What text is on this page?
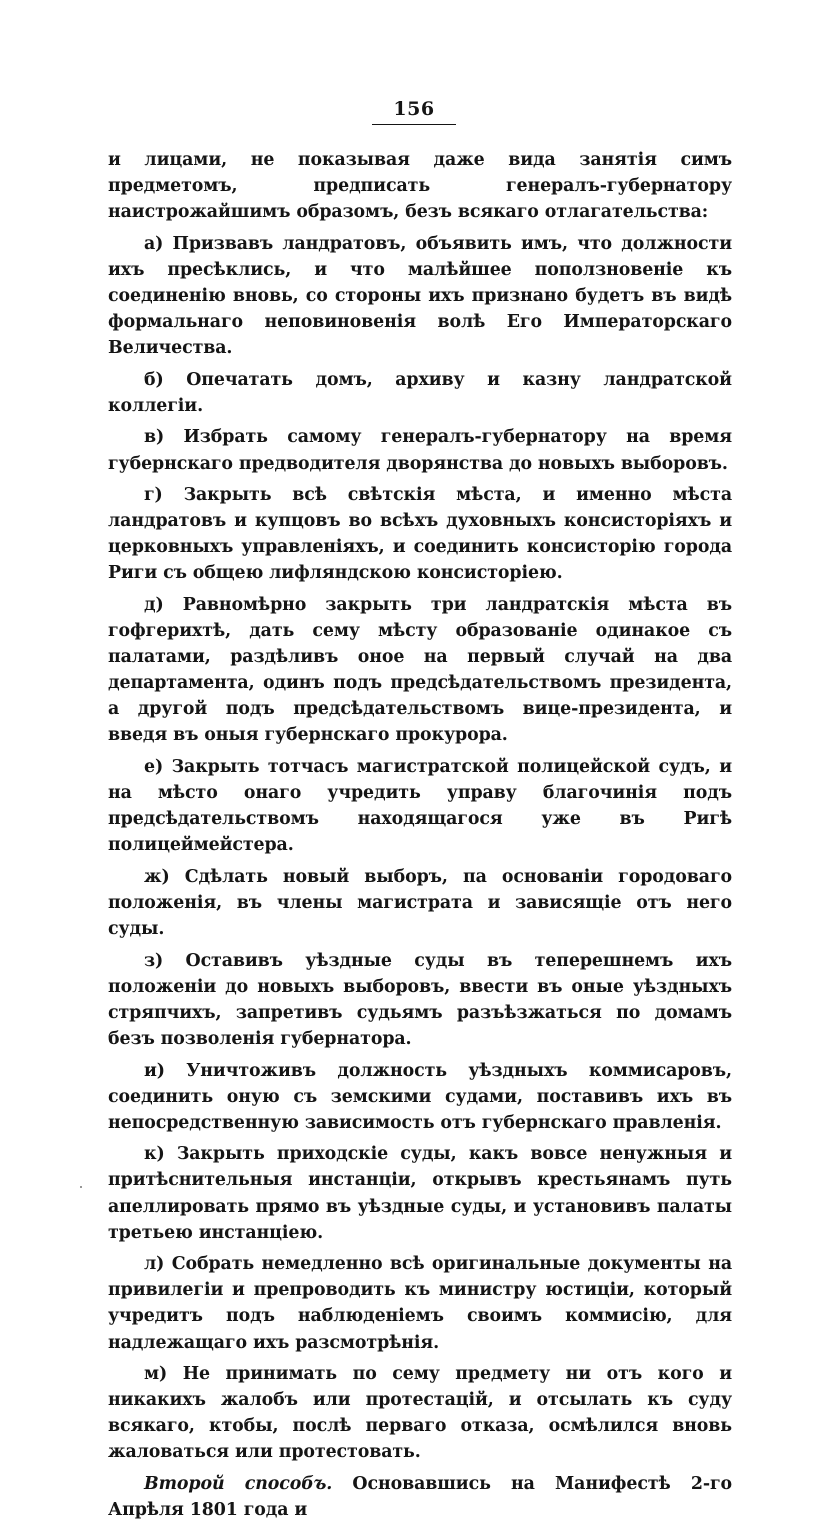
156

и лицами, не показывая даже вида занятія симъ предметомъ, предписать генералъ-губернатору наистрожайшимъ образомъ, безъ всякаго отлагательства:

а) Призвавъ ландратовъ, объявить имъ, что должности ихъ пресѣклись, и что малѣйшее поползновеніе къ соединенію вновь, со стороны ихъ признано будетъ въ видѣ формальнаго неповиновенія волѣ Его Императорскаго Величества.

б) Опечатать домъ, архиву и казну ландратской коллегіи.

в) Избрать самому генералъ-губернатору на время губернскаго предводителя дворянства до новыхъ выборовъ.

г) Закрыть всѣ свѣтскія мѣста, и именно мѣста ландратовъ и купцовъ во всѣхъ духовныхъ консисторіяхъ и церковныхъ управленіяхъ, и соединить консисторію города Риги съ общею лифляндскою консисторіею.

д) Равномѣрно закрыть три ландратскія мѣста въ гофгерихтѣ, дать сему мѣсту образованіе одинакое съ палатами, раздѣливъ оное на первый случай на два департамента, одинъ подъ предсѣдательствомъ президента, а другой подъ предсѣдательствомъ вице-президента, и введя въ оныя губернскаго прокурора.

е) Закрыть тотчасъ магистратской полицейской судъ, и на мѣсто онаго учредить управу благочинія подъ предсѣдательствомъ находящагося уже въ Ригѣ полицеймейстера.

ж) Сдѣлать новый выборъ, па основаніи городоваго положенія, въ члены магистрата и зависящіе отъ него суды.

з) Оставивъ уѣздные суды въ теперешнемъ ихъ положеніи до новыхъ выборовъ, ввести въ оные уѣздныхъ стряпчихъ, запретивъ судьямъ разъѣзжаться по домамъ безъ позволенія губернатора.

и) Уничтоживъ должность уѣздныхъ коммисаровъ, соединить оную съ земскими судами, поставивъ ихъ въ непосредственную зависимость отъ губернскаго правленія.

к) Закрыть приходскіе суды, какъ вовсе ненужныя и притѣснительныя инстанціи, открывъ крестьянамъ путь апеллировать прямо въ уѣздные суды, и установивъ палаты третьею инстанціею.

л) Собрать немедленно всѣ оригинальные документы на привилегіи и препроводить къ министру юстиціи, который учредитъ подъ наблюденіемъ своимъ коммисію, для надлежащаго ихъ разсмотрѣнія.

м) Не принимать по сему предмету ни отъ кого и никакихъ жалобъ или протестацій, и отсылать къ суду всякаго, ктобы, послѣ перваго отказа, осмѣлился вновь жаловаться или протестовать.

Второй способъ. Основавшись на Манифестѣ 2-го Апрѣля 1801 года и
